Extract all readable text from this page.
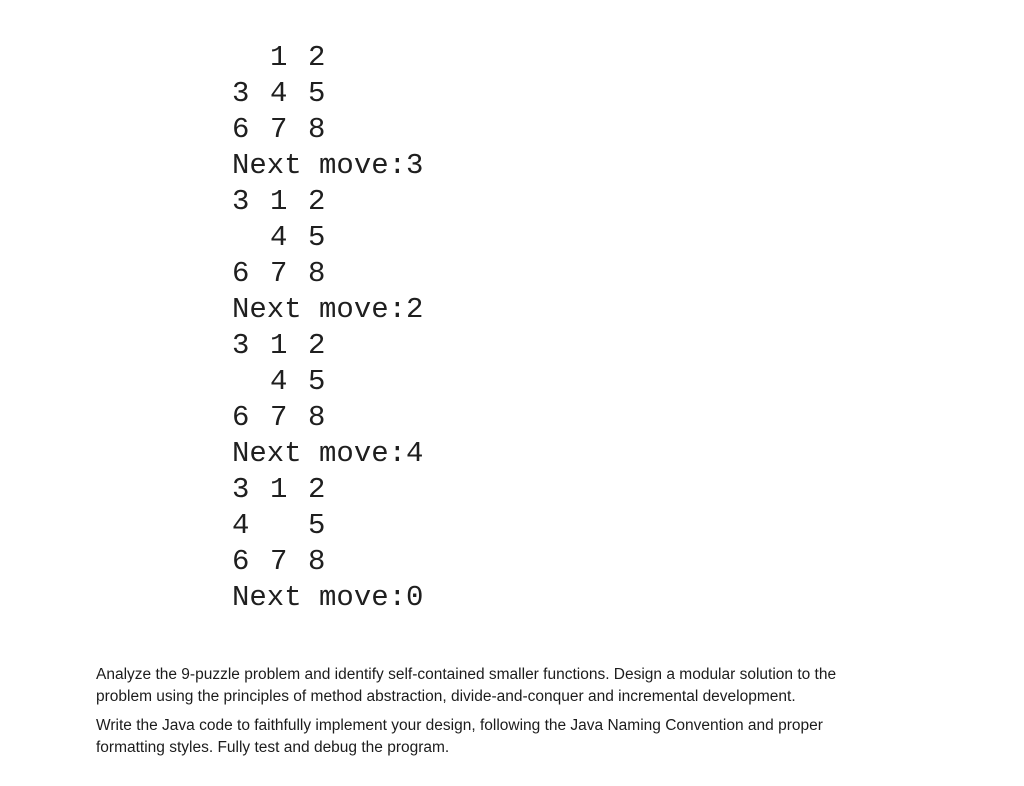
1 2
3 4 5
6 7 8
Next move:3
3 1 2
4 5
6 7 8
Next move:2
3 1 2
4 5
6 7 8
Next move:4
3 1 2
4 5
6 7 8
Next move:0

Analyze the 9-puzzle problem and identify self-contained smaller functions. Design a modular solution to the problem using the principles of method abstraction, divide-and-conquer and incremental development.

Write the Java code to faithfully implement your design, following the Java Naming Convention and proper formatting styles. Fully test and debug the program.
